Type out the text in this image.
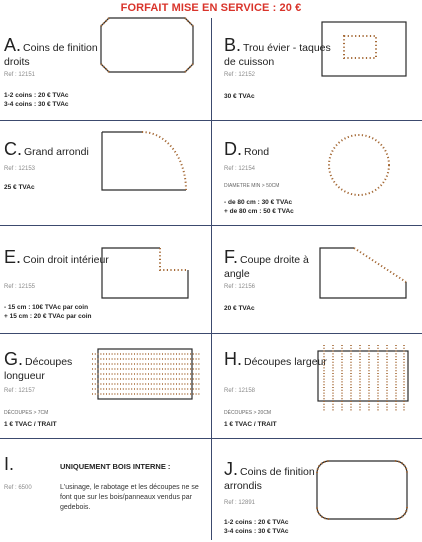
FORFAIT MISE EN SERVICE : 20 €
A. Coins de finition droits
Ref : 12151
1-2 coins : 20 € TVAc
3-4 coins : 30 € TVAc
B. Trou évier - taques de cuisson
Ref : 12152
30 € TVAc
C. Grand arrondi
Ref : 12153
25 € TVAc
D. Rond
Ref : 12154
DIAMETRE MIN > 50CM
- de 80 cm : 30 € TVAc
+ de 80 cm : 50 € TVAc
E. Coin droit intérieur
Ref : 12155
- 15 cm : 10€ TVAc par coin
+ 15 cm : 20 € TVAc par coin
F. Coupe droite à angle
Ref : 12156
20 € TVAc
G. Découpes longueur
Ref : 12157
DÉCOUPES > 7CM
1 € TVAC / TRAIT
H. Découpes largeur
Ref : 12158
DÉCOUPES > 20CM
1 € TVAC / TRAIT
I.
Ref : 6500
UNIQUEMENT BOIS INTERNE :
L'usinage, le rabotage et les découpes ne se font que sur les bois/panneaux vendus par gedebois.
J. Coins de finition arrondis
Ref : 12891
1-2 coins : 20 € TVAc
3-4 coins : 30 € TVAc
